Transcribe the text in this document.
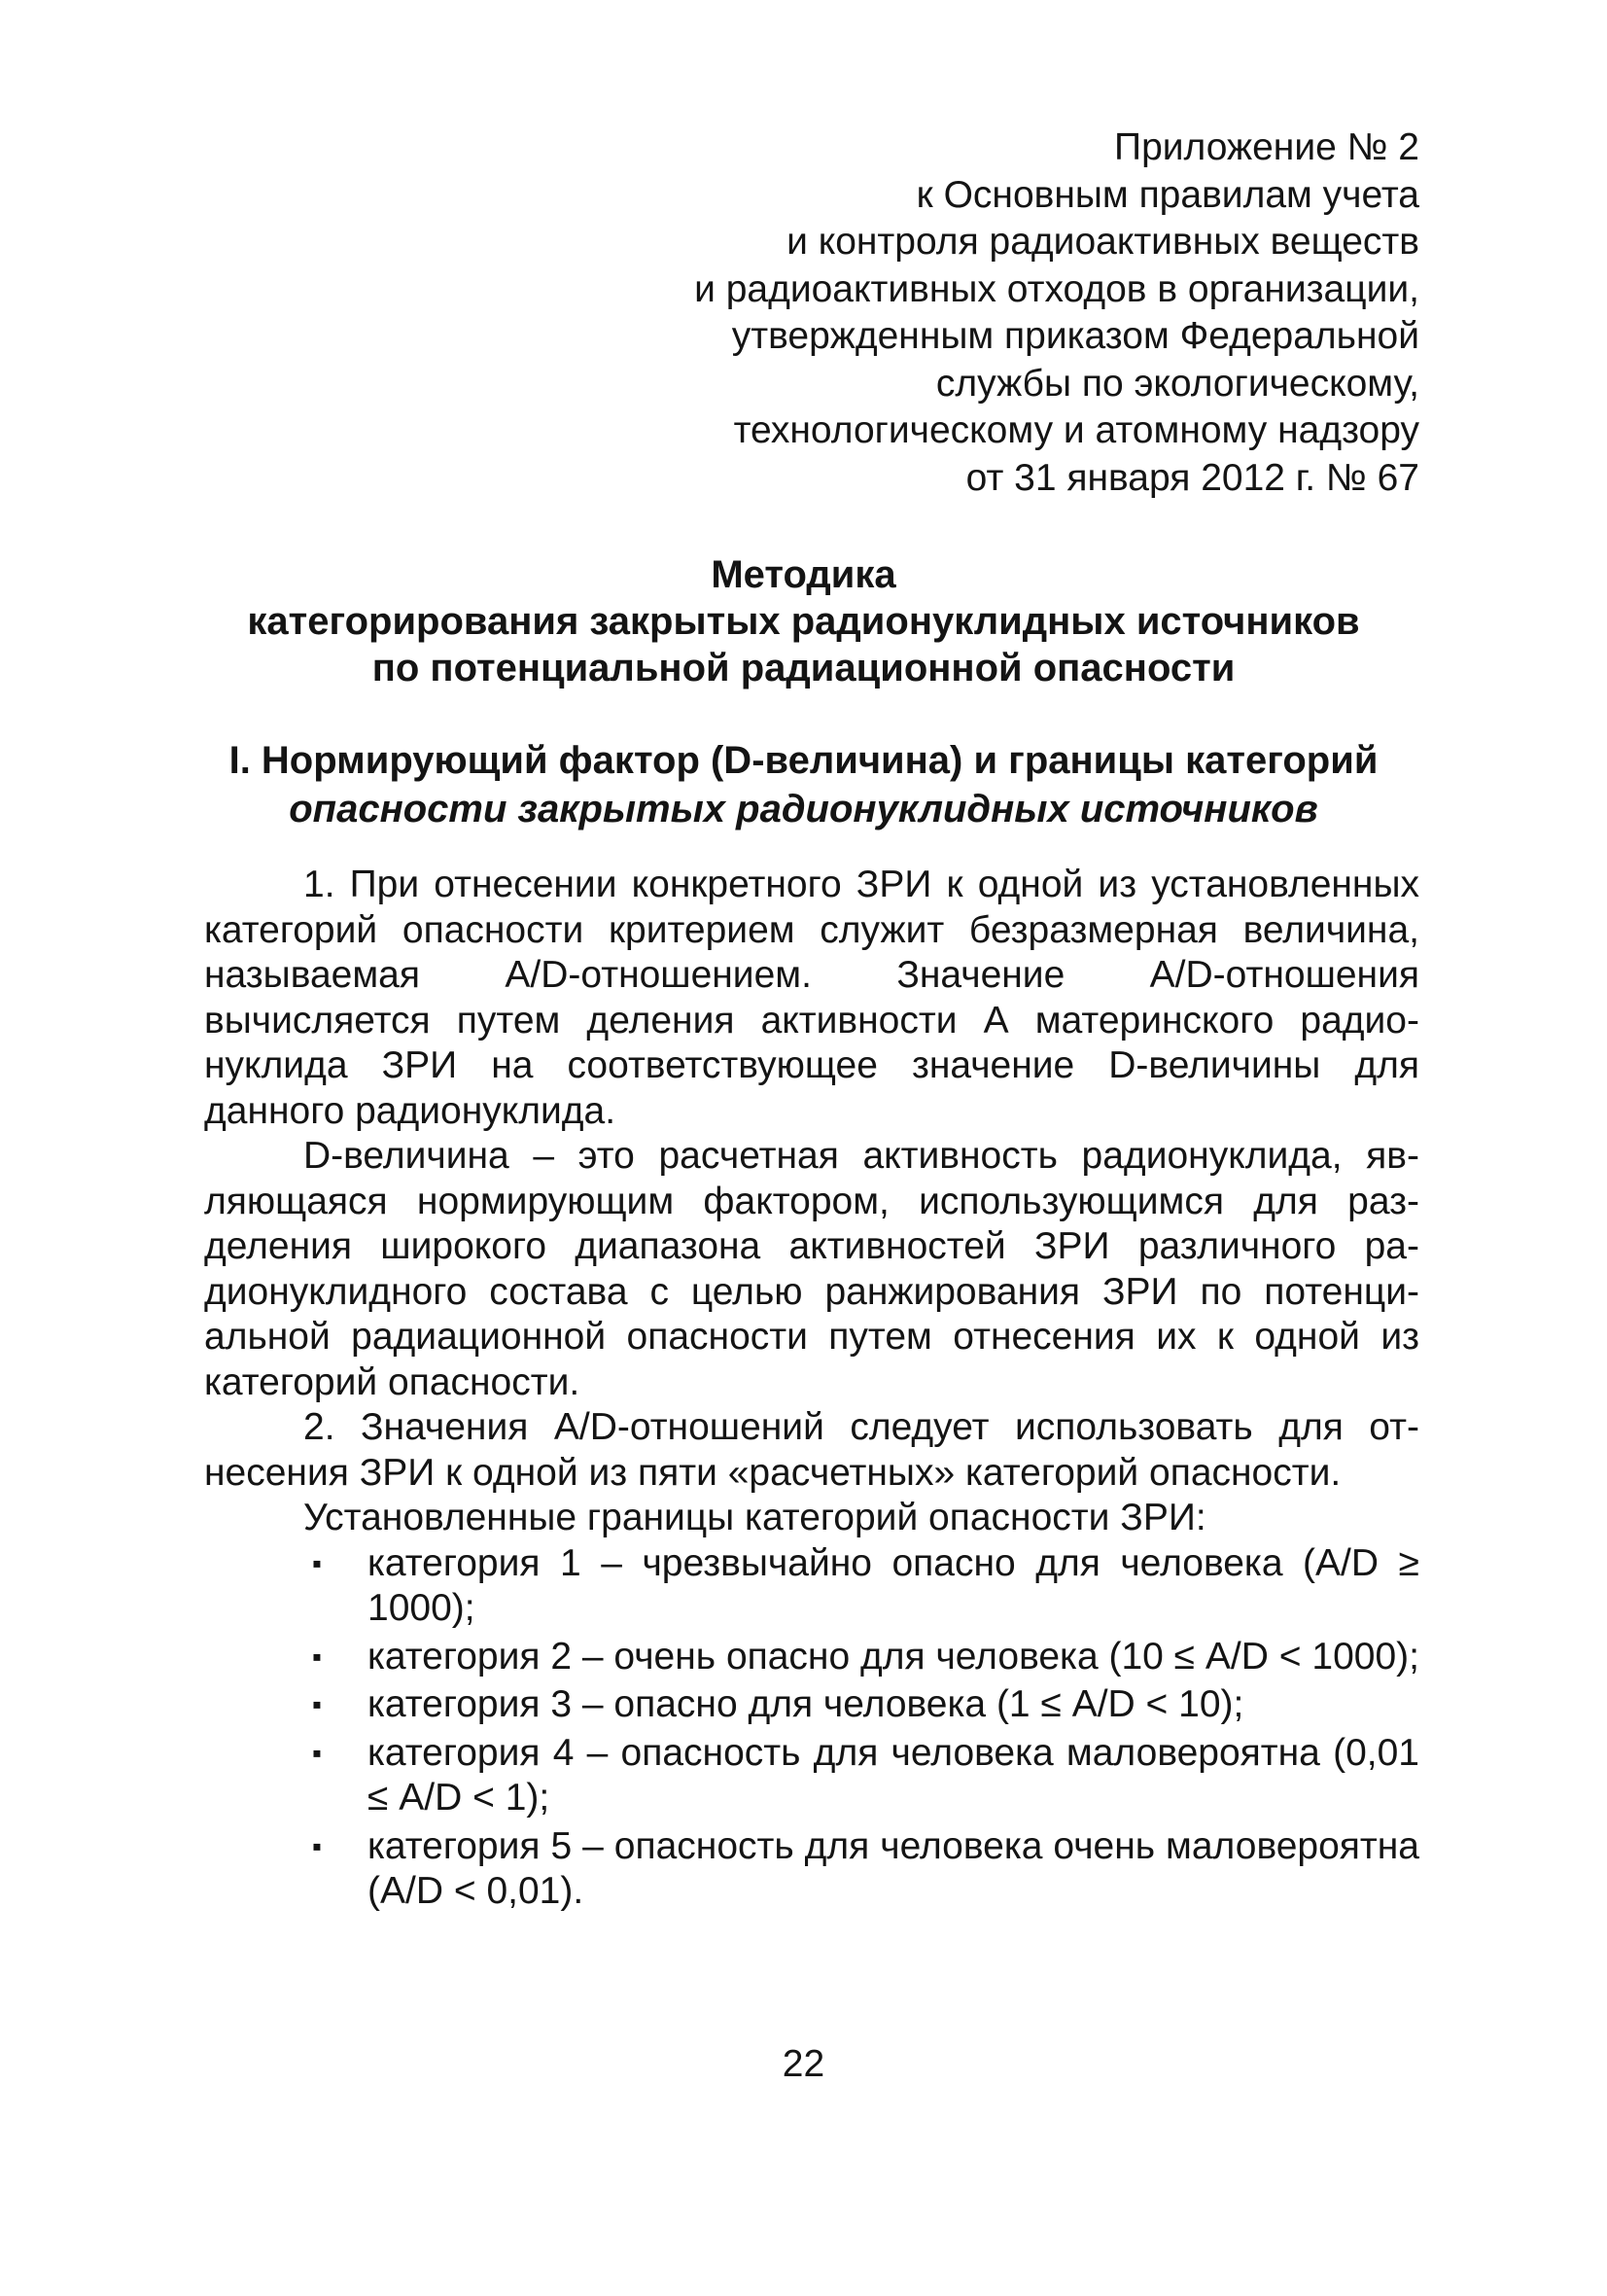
Приложение № 2
к Основным правилам учета
и контроля радиоактивных веществ
и радиоактивных отходов в организации,
утвержденным приказом Федеральной
службы по экологическому,
технологическому и атомному надзору
от 31 января 2012 г. № 67
Методика
категорирования закрытых радионуклидных источников
по потенциальной радиационной опасности
I. Нормирующий фактор (D-величина) и границы категорий
опасности закрытых радионуклидных источников

1. При отнесении конкретного ЗРИ к одной из установленных категорий опасности критерием служит безразмерная величина, называемая A/D-отношением. Значение A/D-отношения вычисляется путем деления активности А материнского радионуклида ЗРИ на соответствующее значение D-величины для данного радионуклида.

D-величина – это расчетная активность радионуклида, являющаяся нормирующим фактором, использующимся для разделения широкого диапазона активностей ЗРИ различного радионуклидного состава с целью ранжирования ЗРИ по потенциальной радиационной опасности путем отнесения их к одной из категорий опасности.

2. Значения A/D-отношений следует использовать для отнесения ЗРИ к одной из пяти «расчетных» категорий опасности.

Установленные границы категорий опасности ЗРИ:

▪ категория 1 – чрезвычайно опасно для человека (A/D ≥ 1000);
▪ категория 2 – очень опасно для человека (10 ≤ A/D < 1000);
▪ категория 3 – опасно для человека (1 ≤ A/D < 10);
▪ категория 4 – опасность для человека маловероятна (0,01 ≤ A/D < 1);
▪ категория 5 – опасность для человека очень маловероятна (A/D < 0,01).
22
